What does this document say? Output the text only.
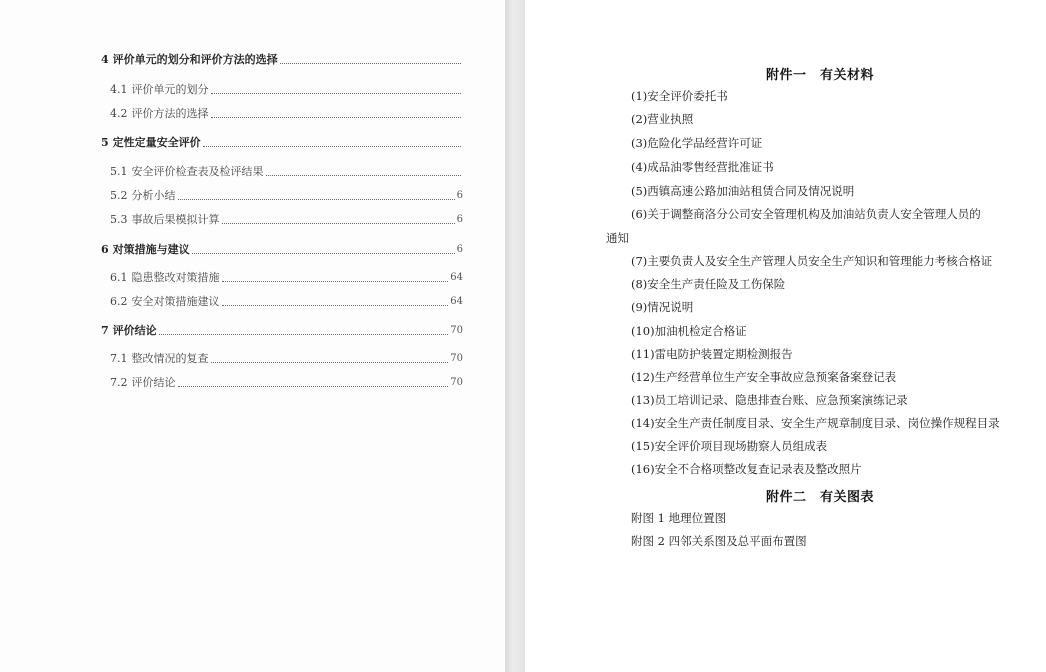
4 评价单元的划分和评价方法的选择
4.1 评价单元的划分
4.2 评价方法的选择
5 定性定量安全评价
5.1 安全评价检查表及检评结果
5.2 分析小结	6
5.3 事故后果模拟计算	6
6 对策措施与建议	6
6.1 隐患整改对策措施	64
6.2 安全对策措施建议	64
7 评价结论	70
7.1 整改情况的复查	70
7.2 评价结论	70
附件一　有关材料
(1)安全评价委托书
(2)营业执照
(3)危险化学品经营许可证
(4)成品油零售经营批准证书
(5)西镇高速公路加油站租赁合同及情况说明
(6)关于调整商洛分公司安全管理机构及加油站负责人安全管理人员的
通知
(7)主要负责人及安全生产管理人员安全生产知识和管理能力考核合格证
(8)安全生产责任险及工伤保险
(9)情况说明
(10)加油机检定合格证
(11)雷电防护装置定期检测报告
(12)生产经营单位生产安全事故应急预案备案登记表
(13)员工培训记录、隐患排查台账、应急预案演练记录
(14)安全生产责任制度目录、安全生产规章制度目录、岗位操作规程目录
(15)安全评价项目现场勘察人员组成表
(16)安全不合格项整改复查记录表及整改照片
附件二　有关图表
附图 1 地理位置图
附图 2 四邻关系图及总平面布置图
